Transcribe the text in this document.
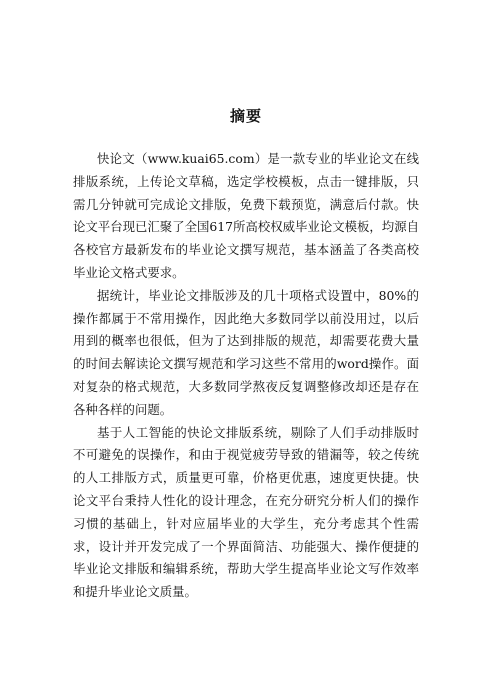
摘要

快论文（www.kuai65.com）是一款专业的毕业论文在线排版系统，上传论文草稿，选定学校模板，点击一键排版，只需几分钟就可完成论文排版，免费下载预览，满意后付款。快论文平台现已汇聚了全国617所高校权威毕业论文模板，均源自各校官方最新发布的毕业论文撰写规范，基本涵盖了各类高校毕业论文格式要求。

据统计，毕业论文排版涉及的几十项格式设置中，80%的操作都属于不常用操作，因此绝大多数同学以前没用过，以后用到的概率也很低，但为了达到排版的规范，却需要花费大量的时间去解读论文撰写规范和学习这些不常用的word操作。面对复杂的格式规范，大多数同学熬夜反复调整修改却还是存在各种各样的问题。

基于人工智能的快论文排版系统，剔除了人们手动排版时不可避免的误操作，和由于视觉疲劳导致的错漏等，较之传统的人工排版方式，质量更可靠，价格更优惠，速度更快捷。快论文平台秉持人性化的设计理念，在充分研究分析人们的操作习惯的基础上，针对应届毕业的大学生，充分考虑其个性需求，设计并开发完成了一个界面简洁、功能强大、操作便捷的毕业论文排版和编辑系统，帮助大学生提高毕业论文写作效率和提升毕业论文质量。
